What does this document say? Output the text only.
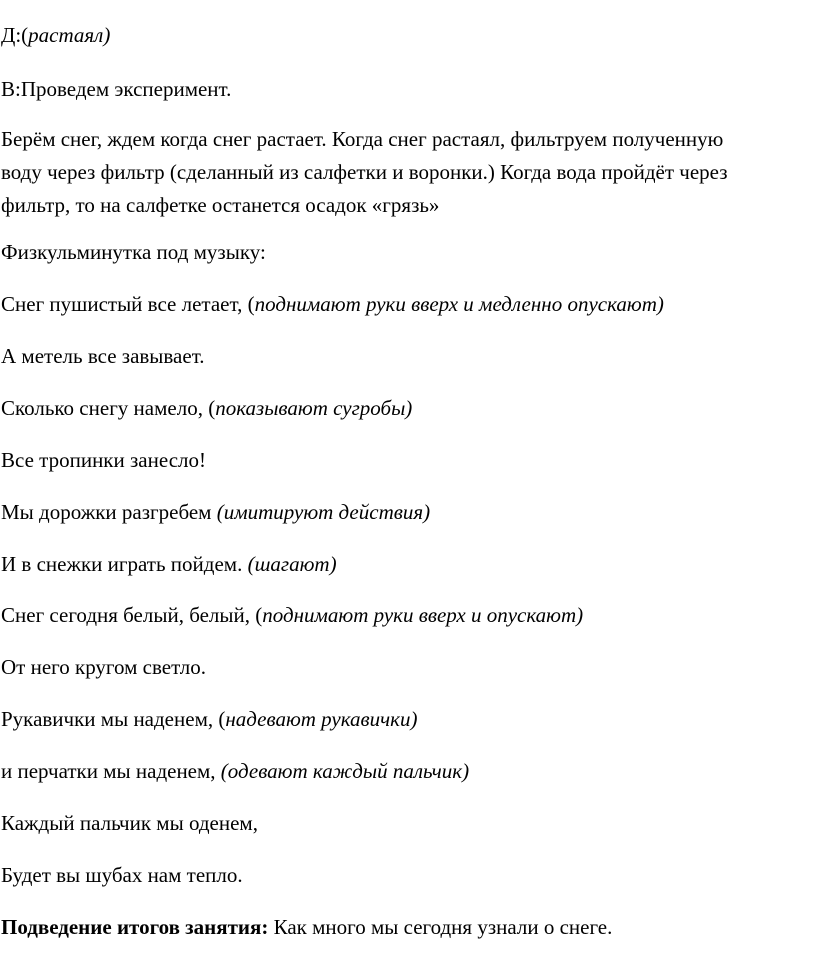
Д:(растаял)
В:Проведем эксперимент.
Берём снег, ждем когда снег растает. Когда снег растаял, фильтруем полученную
воду через фильтр (сделанный из салфетки и воронки.) Когда вода пройдёт через
фильтр, то на салфетке останется осадок «грязь»
Физкульминутка под музыку:
Снег пушистый все летает, (поднимают руки вверх и медленно опускают)
А метель все завывает.
Сколько снегу намело, (показывают сугробы)
Все тропинки занесло!
Мы дорожки разгребем (имитируют действия)
И в снежки играть пойдем. (шагают)
Снег сегодня белый, белый, (поднимают руки вверх и опускают)
От него кругом светло.
Рукавички мы наденем, (надевают рукавички)
и перчатки мы наденем, (одевают каждый пальчик)
Каждый пальчик мы оденем,
Будет вы шубах нам тепло.
Подведение итогов занятия: Как много мы сегодня узнали о снеге.
